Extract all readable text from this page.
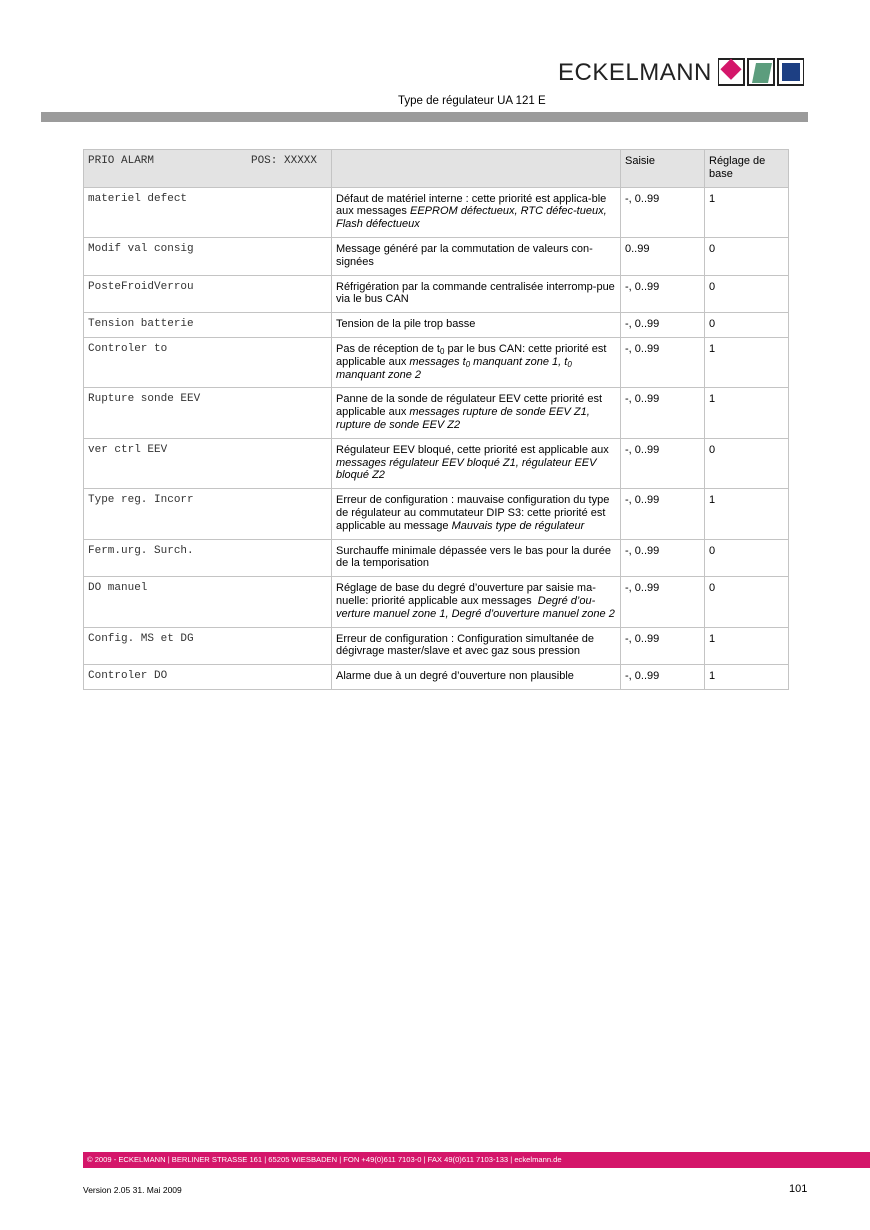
ECKELMANN
Type de régulateur UA 121 E
PRIO ALARM POS: XXXXX		Saisie	Réglage de base
materiel defect	Défaut de matériel interne : cette priorité est applica-ble aux messages EEPROM défectueux, RTC défec-tueux, Flash défectueux	-, 0..99	1
Modif val consig	Message généré par la commutation de valeurs con-signées	0..99	0
PosteFroidVerrou	Réfrigération par la commande centralisée interromp-pue via le bus CAN	-, 0..99	0
Tension batterie	Tension de la pile trop basse	-, 0..99	0
Controler to	Pas de réception de $t_0$ par le bus CAN: cette priorité est applicable aux messages $t_0$ manquant zone 1, $t_0$ manquant zone 2	-, 0..99	1
Rupture sonde EEV	Panne de la sonde de régulateur EEV cette priorité est applicable aux messages rupture de sonde EEV Z1, rupture de sonde EEV Z2	-, 0..99	1
ver ctrl EEV	Régulateur EEV bloqué, cette priorité est applicable aux messages régulateur EEV bloqué Z1, régulateur EEV bloqué Z2	-, 0..99	0
Type reg. Incorr	Erreur de configuration : mauvaise configuration du type de régulateur au commutateur DIP S3: cette priorité est applicable au message Mauvais type de régulateur	-, 0..99	1
Ferm.urg. Surch.	Surchauffe minimale dépassée vers le bas pour la durée de la temporisation	-, 0..99	0
DO manuel	Réglage de base du degré d’ouverture par saisie ma-nuelle: priorité applicable aux messages  Degré d’ou-verture manuel zone 1, Degré d’ouverture manuel zone 2	-, 0..99	0
Config. MS et DG	Erreur de configuration : Configuration simultanée de dégivrage master/slave et avec gaz sous pression	-, 0..99	1
Controler DO	Alarme due à un degré d’ouverture non plausible	-, 0..99	1
© 2009 - ECKELMANN | BERLINER STRASSE 161 | 65205 WIESBADEN | FON +49(0)611 7103-0 | FAX 49(0)611 7103-133 | eckelmann.de
Version 2.05 31. Mai 2009	101
